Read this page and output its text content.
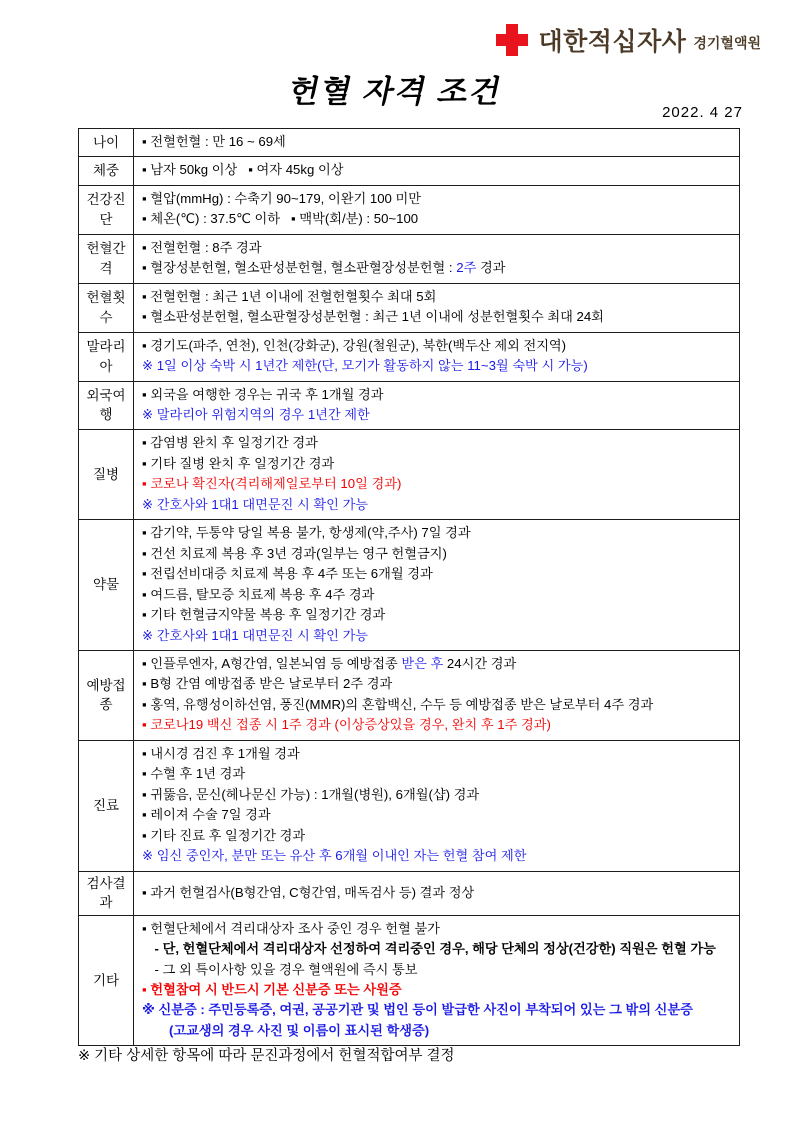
대한적십자사 경기혈액원
헌혈 자격 조건
2022. 4 27
나이	▪ 전혈헌혈 : 만 16 ~ 69세

체중	▪ 남자 50kg 이상   ▪ 여자 45kg 이상

건강진단	▪ 혈압(mmHg) : 수축기 90~179, 이완기 100 미만
▪ 체온(℃) : 37.5℃ 이하   ▪ 맥박(회/분) : 50~100

헌혈간격	▪ 전혈헌혈 : 8주 경과
▪ 혈장성분헌혈, 혈소판성분헌혈, 혈소판혈장성분헌혈 : 2주 경과

헌혈횟수	▪ 전혈헌혈 : 최근 1년 이내에 전혈헌혈횟수 최대 5회
▪ 혈소판성분헌혈, 혈소판혈장성분헌혈 : 최근 1년 이내에 성분헌혈횟수 최대 24회

말라리아	▪ 경기도(파주, 연천), 인천(강화군), 강원(철원군), 북한(백두산 제외 전지역)
※ 1일 이상 숙박 시 1년간 제한(단, 모기가 활동하지 않는 11~3월 숙박 시 가능)

외국여행	▪ 외국을 여행한 경우는 귀국 후 1개월 경과
※ 말라리아 위험지역의 경우 1년간 제한

질병	▪ 감염병 완치 후 일정기간 경과
▪ 기타 질병 완치 후 일정기간 경과
▪ 코로나 확진자(격리해제일로부터 10일 경과)
※ 간호사와 1대1 대면문진 시 확인 가능

약물	
▪ 감기약, 두통약 당일 복용 불가, 항생제(약,주사) 7일 경과
▪ 건선 치료제 복용 후 3년 경과(일부는 영구 헌혈금지)
▪ 전립선비대증 치료제 복용 후 4주 또는 6개월 경과
▪ 여드름, 탈모증 치료제 복용 후 4주 경과
▪ 기타 헌혈금지약물 복용 후 일정기간 경과
※ 간호사와 1대1 대면문진 시 확인 가능

예방접종	▪ 인플루엔자, A형간염, 일본뇌염 등 예방접종 받은 후 24시간 경과
▪ B형 간염 예방접종 받은 날로부터 2주 경과
▪ 홍역, 유행성이하선염, 풍진(MMR)의 혼합백신, 수두 등 예방접종 받은 날로부터 4주 경과
▪ 코로나19 백신 접종 시 1주 경과 (이상증상있을 경우, 완치 후 1주 경과)

진료	
▪ 내시경 검진 후 1개월 경과
▪ 수혈 후 1년 경과
▪ 귀뚫음, 문신(헤나문신 가능) : 1개월(병원), 6개월(샵) 경과
▪ 레이져 수술 7일 경과
▪ 기타 진료 후 일정기간 경과
※ 임신 중인자, 분만 또는 유산 후 6개월 이내인 자는 헌혈 참여 제한

검사결과	▪ 과거 헌혈검사(B형간염, C형간염, 매독검사 등) 결과 정상

기타	▪ 헌혈단체에서 격리대상자 조사 중인 경우 헌혈 불가
- 단, 헌혈단체에서 격리대상자 선정하여 격리중인 경우, 해당 단체의 정상(건강한) 직원은 헌혈 가능
- 그 외 특이사항 있을 경우 혈액원에 즉시 통보
▪ 헌혈참여 시 반드시 기본 신분증 또는 사원증
※ 신분증 : 주민등록증, 여권, 공공기관 및 법인 등이 발급한 사진이 부착되어 있는 그 밖의 신분증(고교생의 경우 사진 및 이름이 표시된 학생증)
※ 기타 상세한 항목에 따라 문진과정에서 헌혈적합여부 결정
